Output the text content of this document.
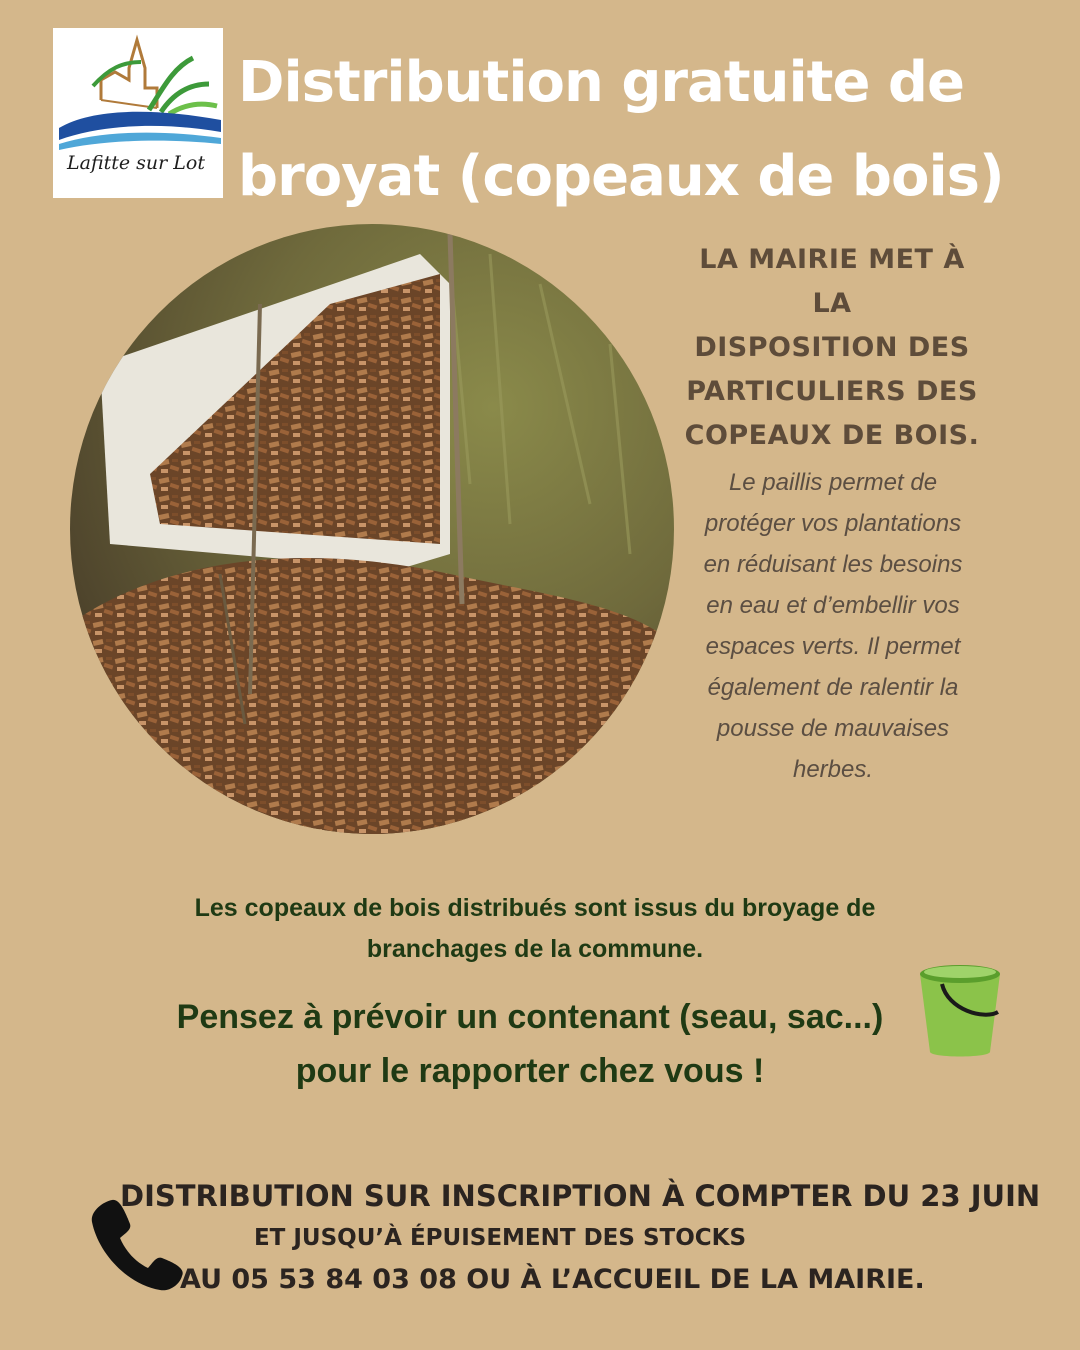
Lafitte sur Lot
Distribution gratuite de
broyat (copeaux de bois)
LA MAIRIE MET À LA
DISPOSITION DES
PARTICULIERS DES
COPEAUX DE BOIS.
Le paillis permet de
protéger vos plantations
en réduisant les besoins
en eau et d’embellir vos
espaces verts. Il permet
également de ralentir la
pousse de mauvaises
herbes.
Les copeaux de bois distribués sont issus du broyage de
branchages de la commune.
Pensez à prévoir un contenant (seau, sac...)
pour le rapporter chez vous !
DISTRIBUTION SUR INSCRIPTION À COMPTER DU 23 JUIN
ET JUSQU’À ÉPUISEMENT DES STOCKS
AU 05 53 84 03 08 OU À L’ACCUEIL DE LA MAIRIE.
